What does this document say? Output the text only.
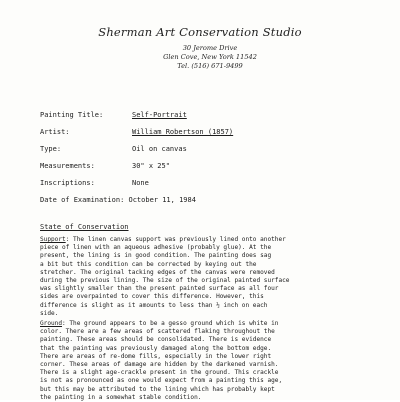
Sherman Art Conservation Studio
30 Jerome Drive
Glen Cove, New York 11542
Tel. (516) 671-9499
Painting Title:	Self-Portrait
Artist:	William Robertson (1857)
Type:	Oil on canvas
Measurements:	30" x 25"
Inscriptions:	None
Date of Examination: October 11, 1984
State of Conservation
Support: The linen canvas support was previously lined onto another
piece of linen with an aqueous adhesive (probably glue). At the
present, the lining is in good condition. The painting does sag
a bit but this condition can be corrected by keying out the
stretcher. The original tacking edges of the canvas were removed
during the previous lining. The size of the original painted surface
was slightly smaller than the present painted surface as all four
sides are overpainted to cover this difference. However, this
difference is slight as it amounts to less than ½ inch on each
side.
Ground: The ground appears to be a gesso ground which is white in
color. There are a few areas of scattered flaking throughout the
painting. These areas should be consolidated. There is evidence
that the painting was previously damaged along the bottom edge.
There are areas of re-dome fills, especially in the lower right
corner. These areas of damage are hidden by the darkened varnish.
There is a slight age-crackle present in the ground. This crackle
is not as pronounced as one would expect from a painting this age,
but this may be attributed to the lining which has probably kept
the painting in a somewhat stable condition.
